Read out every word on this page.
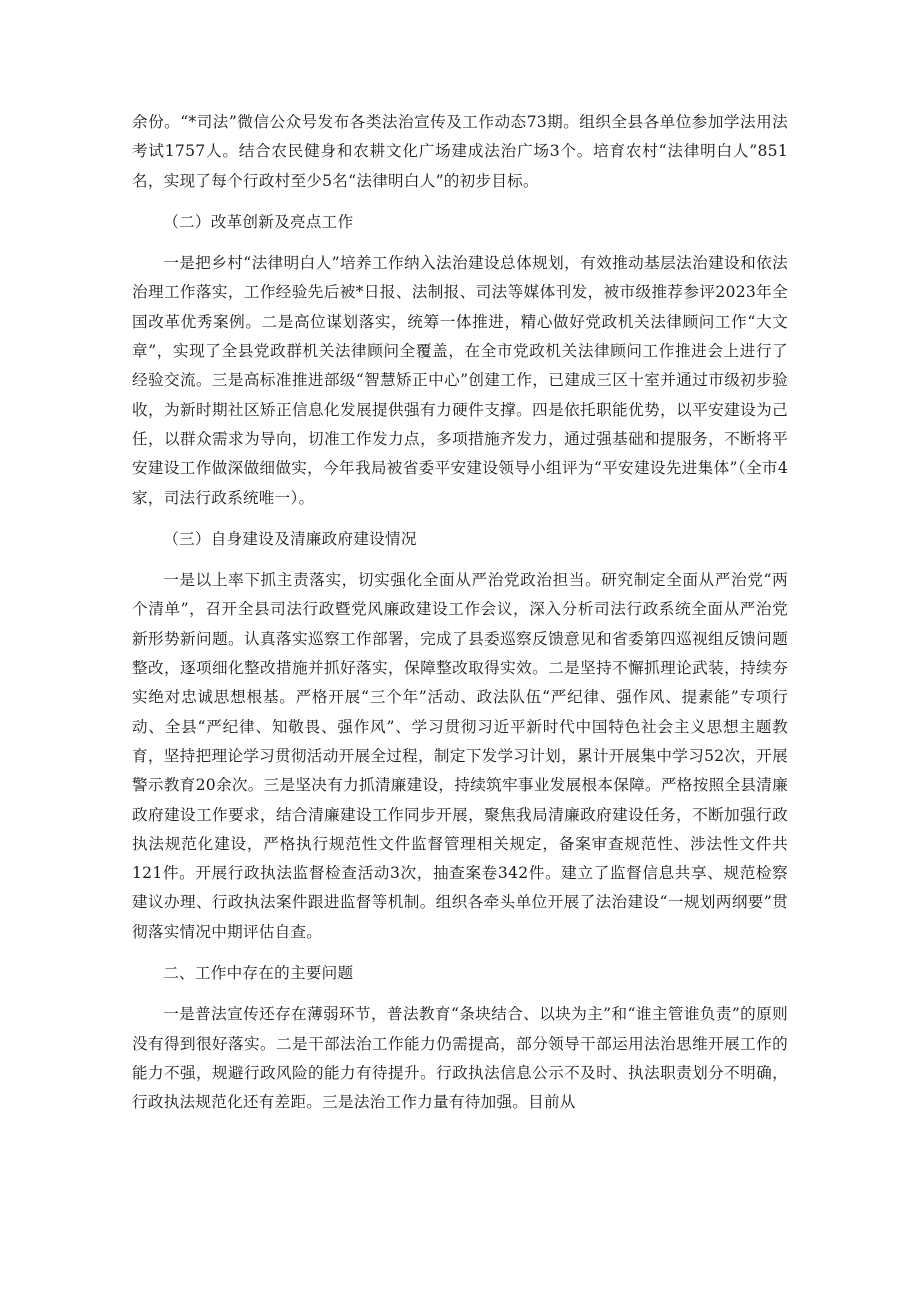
余份。“*司法”微信公众号发布各类法治宣传及工作动态73期。组织全县各单位参加学法用法考试1757人。结合农民健身和农耕文化广场建成法治广场3个。培育农村“法律明白人”851名，实现了每个行政村至少5名“法律明白人”的初步目标。

（二）改革创新及亮点工作

一是把乡村“法律明白人”培养工作纳入法治建设总体规划，有效推动基层法治建设和依法治理工作落实，工作经验先后被*日报、法制报、司法等媒体刊发，被市级推荐参评2023年全国改革优秀案例。二是高位谋划落实，统筹一体推进，精心做好党政机关法律顾问工作“大文章”，实现了全县党政群机关法律顾问全覆盖，在全市党政机关法律顾问工作推进会上进行了经验交流。三是高标准推进部级“智慧矫正中心”创建工作，已建成三区十室并通过市级初步验收，为新时期社区矫正信息化发展提供强有力硬件支撑。四是依托职能优势，以平安建设为己任，以群众需求为导向，切准工作发力点，多项措施齐发力，通过强基础和提服务，不断将平安建设工作做深做细做实，今年我局被省委平安建设领导小组评为“平安建设先进集体”（全市4家，司法行政系统唯一）。

（三）自身建设及清廉政府建设情况

一是以上率下抓主责落实，切实强化全面从严治党政治担当。研究制定全面从严治党“两个清单”，召开全县司法行政暨党风廉政建设工作会议，深入分析司法行政系统全面从严治党新形势新问题。认真落实巡察工作部署，完成了县委巡察反馈意见和省委第四巡视组反馈问题整改，逐项细化整改措施并抓好落实，保障整改取得实效。二是坚持不懈抓理论武装，持续夯实绝对忠诚思想根基。严格开展“三个年”活动、政法队伍“严纪律、强作风、提素能”专项行动、全县“严纪律、知敬畏、强作风”、学习贯彻习近平新时代中国特色社会主义思想主题教育，坚持把理论学习贯彻活动开展全过程，制定下发学习计划，累计开展集中学习52次，开展警示教育20余次。三是坚决有力抓清廉建设，持续筑牢事业发展根本保障。严格按照全县清廉政府建设工作要求，结合清廉建设工作同步开展，聚焦我局清廉政府建设任务，不断加强行政执法规范化建设，严格执行规范性文件监督管理相关规定，备案审查规范性、涉法性文件共121件。开展行政执法监督检查活动3次，抽查案卷342件。建立了监督信息共享、规范检察建议办理、行政执法案件跟进监督等机制。组织各牵头单位开展了法治建设“一规划两纲要”贯彻落实情况中期评估自查。

二、工作中存在的主要问题

一是普法宣传还存在薄弱环节，普法教育“条块结合、以块为主”和“谁主管谁负责”的原则没有得到很好落实。二是干部法治工作能力仍需提高，部分领导干部运用法治思维开展工作的能力不强，规避行政风险的能力有待提升。行政执法信息公示不及时、执法职责划分不明确，行政执法规范化还有差距。三是法治工作力量有待加强。目前从
